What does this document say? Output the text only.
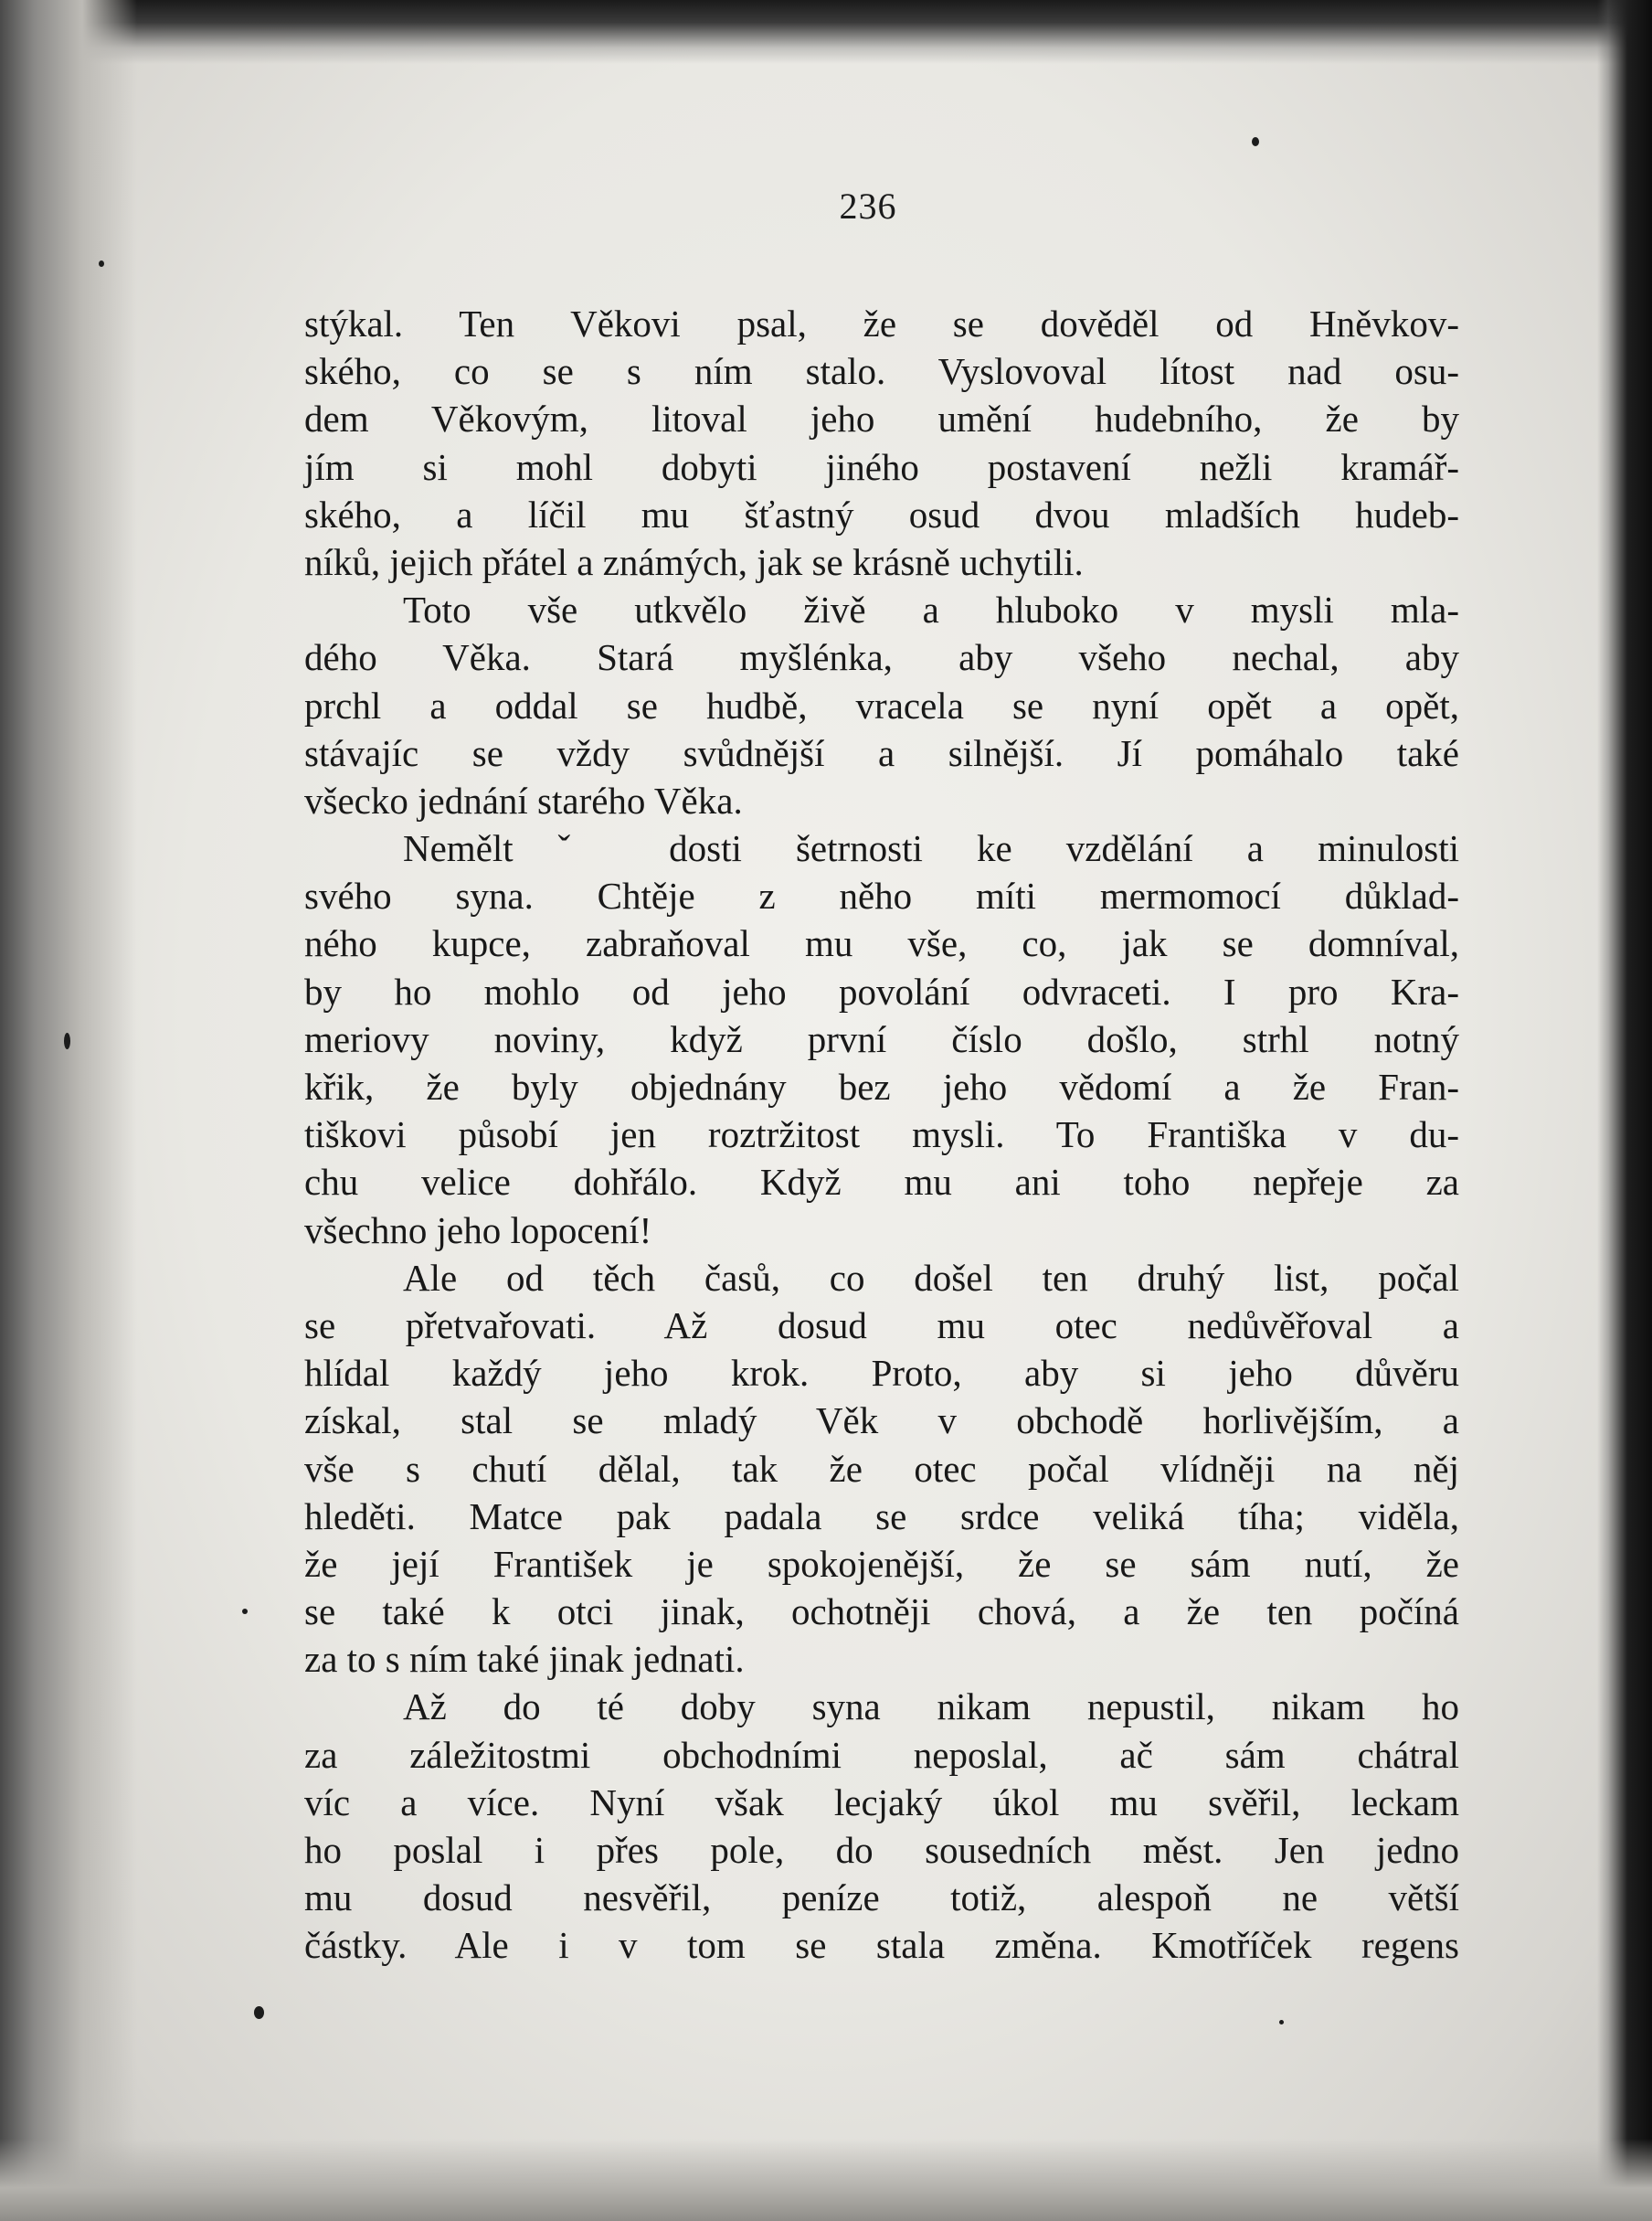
236
stýkal. Ten Věkovi psal, že se dověděl od Hněvkov-
ského, co se s ním stalo. Vyslovoval lítost nad osu-
dem Věkovým, litoval jeho umění hudebního, že by
jím si mohl dobyti jiného postavení nežli kramář-
ského, a líčil mu šťastný osud dvou mladších hudeb-
níků, jejich přátel a známých, jak se krásně uchytili.
Toto vše utkvělo živě a hluboko v mysli mla-
dého Věka. Stará myšlénka, aby všeho nechal, aby
prchl a oddal se hudbě, vracela se nyní opět a opět,
stávajíc se vždy svůdnější a silnější. Jí pomáhalo také
všecko jednání starého Věka.
Neměltˇ dosti šetrnosti ke vzdělání a minulosti
svého syna. Chtěje z něho míti mermomocí důklad-
ného kupce, zabraňoval mu vše, co, jak se domníval,
by ho mohlo od jeho povolání odvraceti. I pro Kra-
meriovy noviny, když první číslo došlo, strhl notný
křik, že byly objednány bez jeho vědomí a že Fran-
tiškovi působí jen roztržitost mysli. To Františka v du-
chu velice dohřálo. Když mu ani toho nepřeje za
všechno jeho lopocení!
Ale od těch časů, co došel ten druhý list, počal
se přetvařovati. Až dosud mu otec nedůvěřoval a
hlídal každý jeho krok. Proto, aby si jeho důvěru
získal, stal se mladý Věk v obchodě horlivějším, a
vše s chutí dělal, tak že otec počal vlídněji na něj
hleděti. Matce pak padala se srdce veliká tíha; viděla,
že její František je spokojenější, že se sám nutí, že
se také k otci jinak, ochotněji chová, a že ten počíná
za to s ním také jinak jednati.
Až do té doby syna nikam nepustil, nikam ho
za záležitostmi obchodními neposlal, ač sám chátral
víc a více. Nyní však lecjaký úkol mu svěřil, leckam
ho poslal i přes pole, do sousedních měst. Jen jedno
mu dosud nesvěřil, peníze totiž, alespoň ne větší
částky. Ale i v tom se stala změna. Kmotříček regens
